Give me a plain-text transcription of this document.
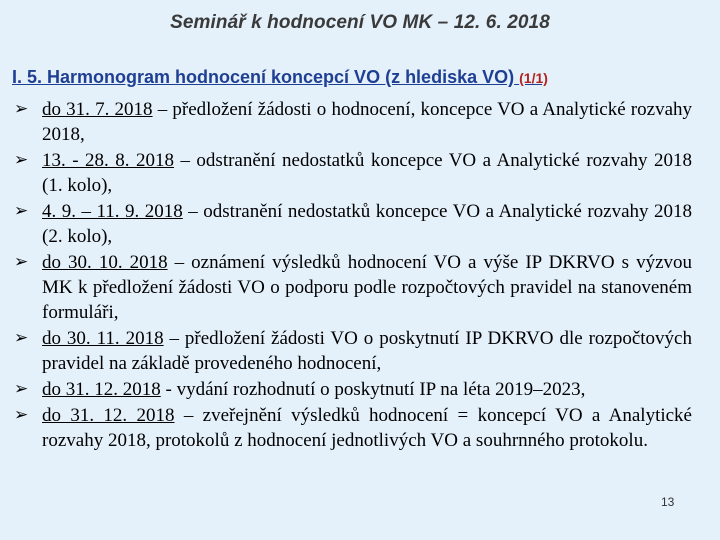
Seminář k hodnocení VO MK – 12. 6. 2018
I. 5. Harmonogram hodnocení koncepcí VO (z hlediska VO) (1/1)
➢ do 31. 7. 2018 – předložení žádosti o hodnocení, koncepce VO a Analytické rozvahy 2018,
➢ 13. - 28. 8. 2018 – odstranění nedostatků koncepce VO a Analytické rozvahy 2018 (1. kolo),
➢ 4. 9. – 11. 9. 2018 – odstranění nedostatků koncepce VO a Analytické rozvahy 2018 (2. kolo),
➢ do 30. 10. 2018 – oznámení výsledků hodnocení VO a výše IP DKRVO s výzvou MK k předložení žádosti VO o podporu podle rozpočtových pravidel na stanoveném formuláři,
➢ do 30. 11. 2018 – předložení žádosti VO o poskytnutí IP DKRVO dle rozpočtových pravidel na základě provedeného hodnocení,
➢ do 31. 12. 2018 - vydání rozhodnutí o poskytnutí IP na léta 2019–2023,
➢ do 31. 12. 2018 – zveřejnění výsledků hodnocení = koncepcí VO a Analytické rozvahy 2018, protokolů z hodnocení jednotlivých VO a souhrnného protokolu.
13
